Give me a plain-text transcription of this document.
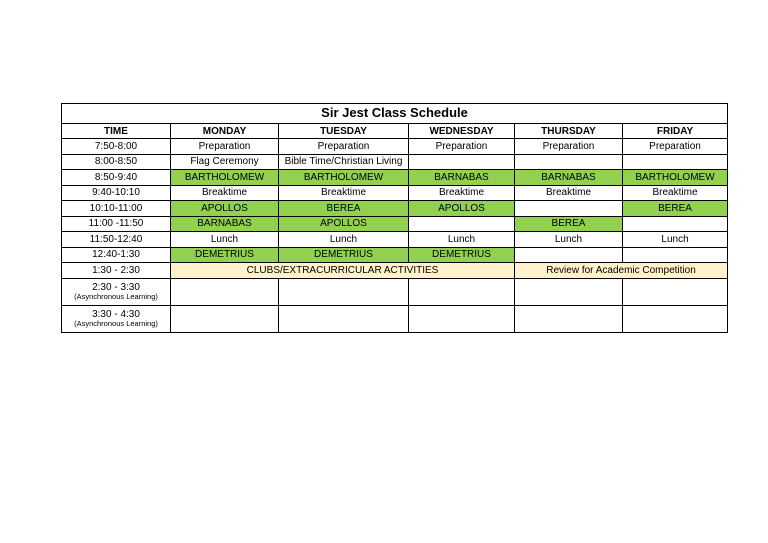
Sir Jest Class Schedule					
TIME	MONDAY	TUESDAY	WEDNESDAY	THURSDAY	FRIDAY
7:50-8:00	Preparation	Preparation	Preparation	Preparation	Preparation
8:00-8:50	Flag Ceremony	Bible Time/Christian Living			
8:50-9:40	BARTHOLOMEW	BARTHOLOMEW	BARNABAS	BARNABAS	BARTHOLOMEW
9:40-10:10	Breaktime	Breaktime	Breaktime	Breaktime	Breaktime
10:10-11:00	APOLLOS	BEREA	APOLLOS		BEREA
11:00 -11:50	BARNABAS	APOLLOS		BEREA	
11:50-12:40	Lunch	Lunch	Lunch	Lunch	Lunch
12:40-1:30	DEMETRIUS	DEMETRIUS	DEMETRIUS		
1:30 - 2:30	CLUBS/EXTRACURRICULAR ACTIVITIES			Review for Academic Competition	
2:30 - 3:30
(Asynchronous Learning)					

3:30 - 4:30
(Asynchronous Learning)					
